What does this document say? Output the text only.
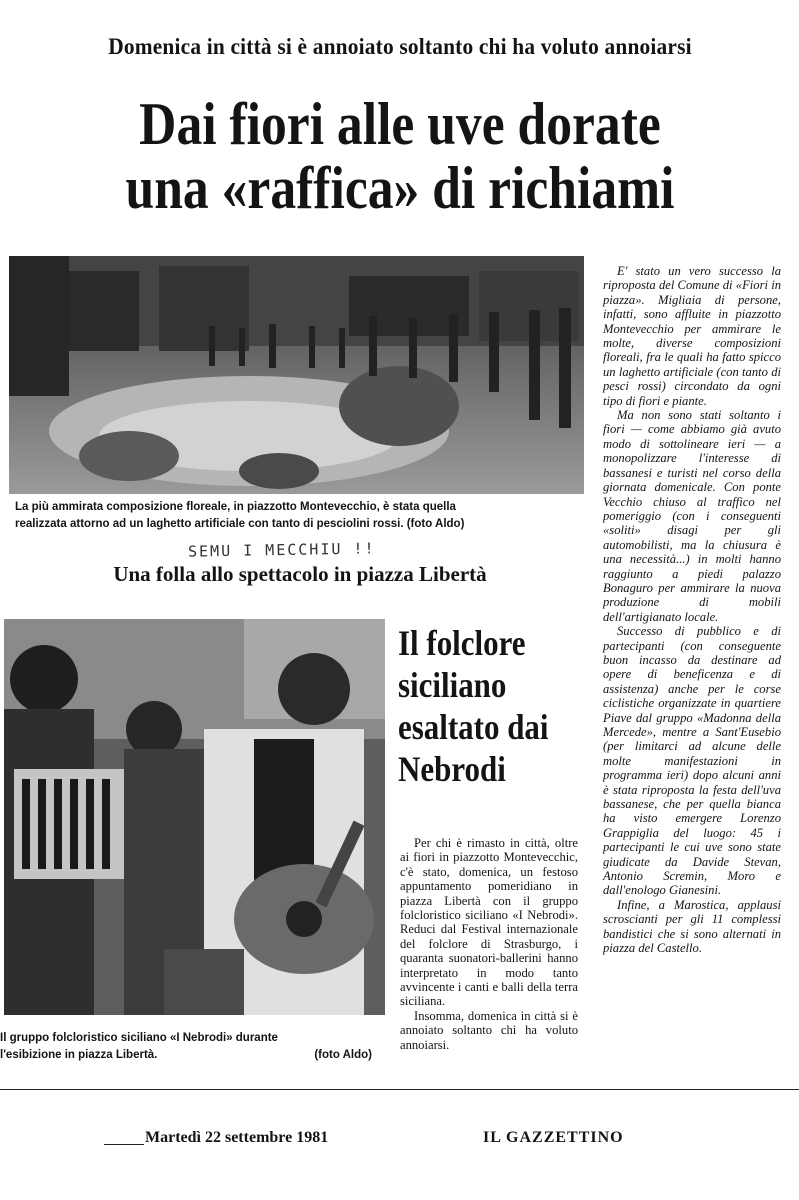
Domenica in città si è annoiato soltanto chi ha voluto annoiarsi
Dai fiori alle uve dorate
una «raffica» di richiami
La più ammirata composizione floreale, in piazzotto Montevecchio, è stata quella
realizzata attorno ad un laghetto artificiale con tanto di pesciolini rossi. (foto Aldo)
SEMU I MECCHIU !!
Una folla allo spettacolo in piazza Libertà
Il gruppo folcloristico siciliano «I Nebrodi» durante
l'esibizione in piazza Libertà.	(foto Aldo)
Il folclore
siciliano
esaltato dai
Nebrodi

Per chi è rimasto in città, oltre ai fiori in piazzotto Montevecchic, c'è stato, domenica, un festoso appuntamento pomeridiano in piazza Libertà con il gruppo folcloristico siciliano «I Nebrodi». Reduci dal Festival internazionale del folclore di Strasburgo, i quaranta suonatori-ballerini hanno interpretato in modo tanto avvincente i canti e balli della terra siciliana.

Insomma, domenica in città si è annoiato soltanto chi ha voluto annoiarsi.

E' stato un vero successo la riproposta del Comune di «Fiori in piazza». Migliaia di persone, infatti, sono affluite in piazzotto Montevecchio per ammirare le molte, diverse composizioni floreali, fra le quali ha fatto spicco un laghetto artificiale (con tanto di pesci rossi) circondato da ogni tipo di fiori e piante.

Ma non sono stati soltanto i fiori — come abbiamo già avuto modo di sottolineare ieri — a monopolizzare l'interesse di bassanesi e turisti nel corso della giornata domenicale. Con ponte Vecchio chiuso al traffico nel pomeriggio (con i conseguenti «soliti» disagi per gli automobilisti, ma la chiusura è una necessità...) in molti hanno raggiunto a piedi palazzo Bonaguro per ammirare la nuova produzione di mobili dell'artigianato locale.

Successo di pubblico e di partecipanti (con conseguente buon incasso da destinare ad opere di beneficenza e di assistenza) anche per le corse ciclistiche organizzate in quartiere Piave dal gruppo «Madonna della Mercede», mentre a Sant'Eusebio (per limitarci ad alcune delle molte manifestazioni in programma ieri) dopo alcuni anni è stata riproposta la festa dell'uva bassanese, che per quella bianca ha visto emergere Lorenzo Grappiglia del luogo: 45 i partecipanti le cui uve sono state giudicate da Davide Stevan, Antonio Scremin, Moro e dall'enologo Gianesini.

Infine, a Marostica, applausi scroscianti per gli 11 complessi bandistici che si sono alternati in piazza del Castello.

Martedì 22 settembre 1981	IL GAZZETTINO
